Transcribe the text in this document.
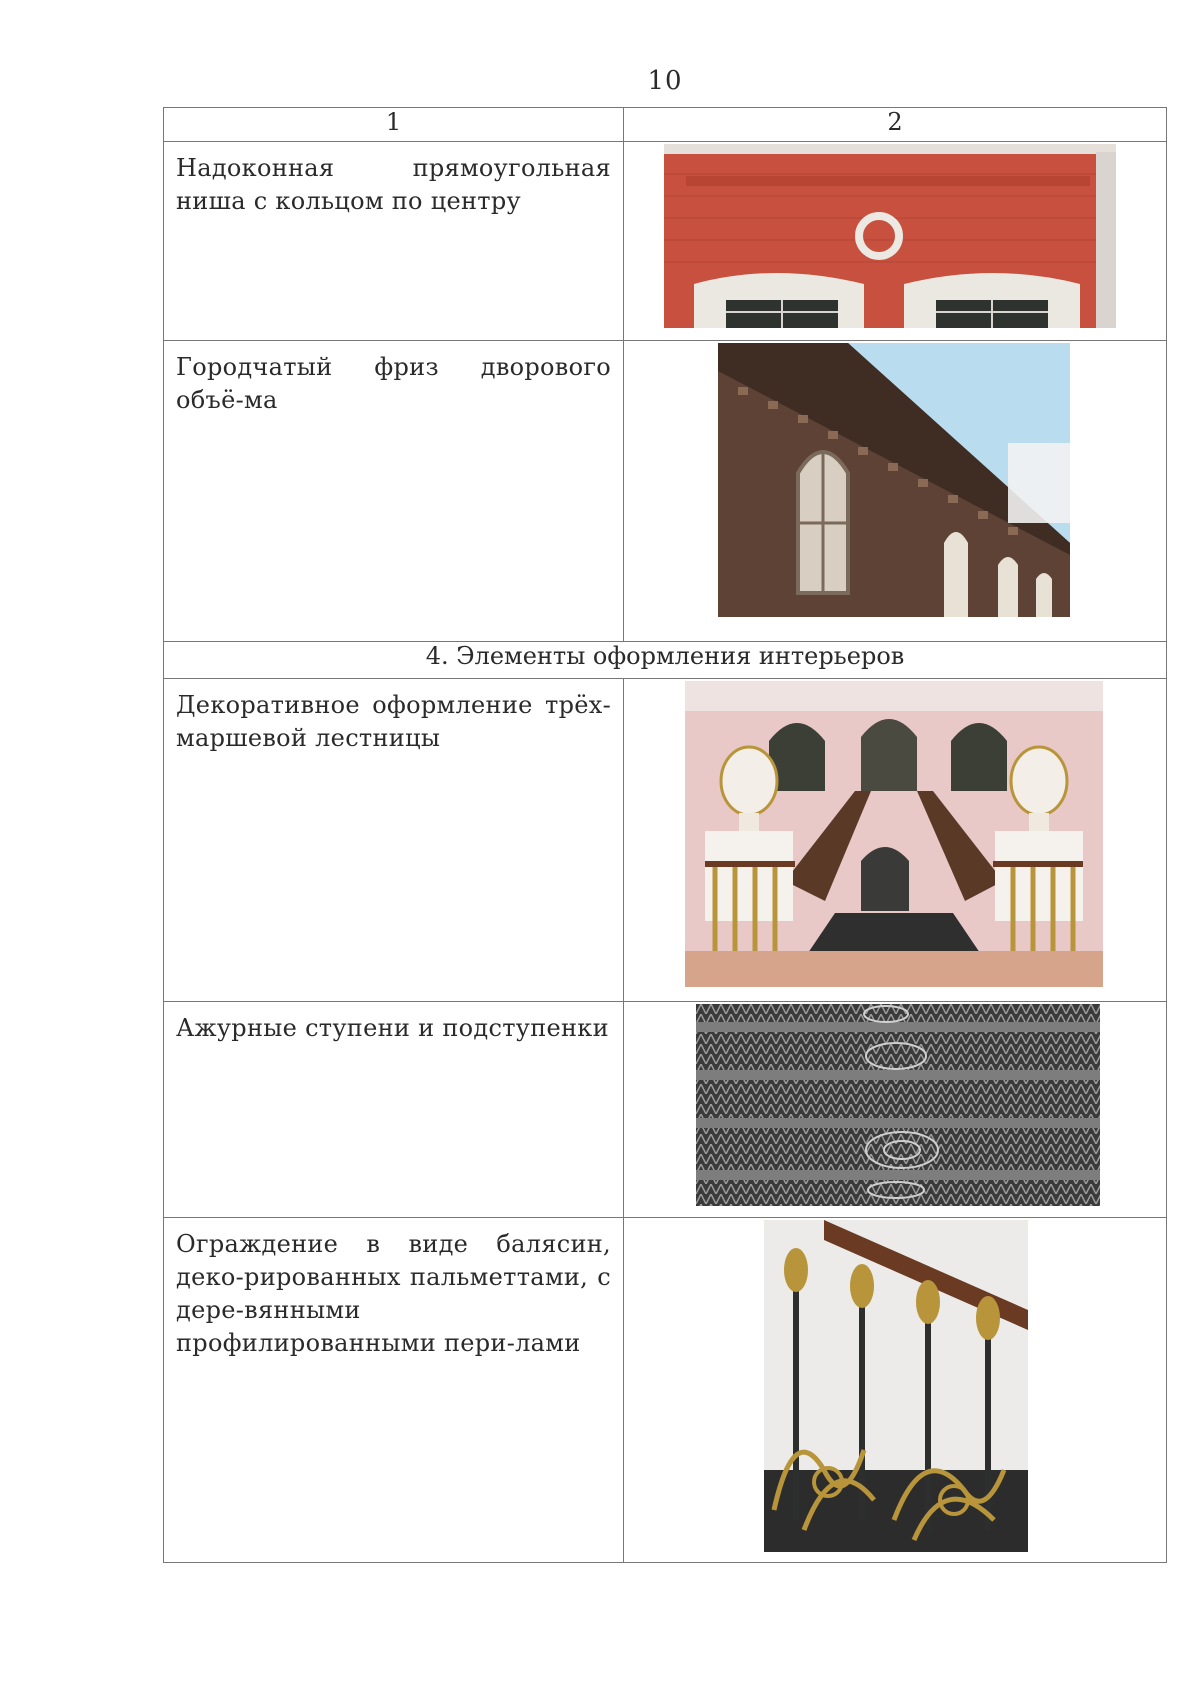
10
1	2
Надоконная прямоугольная ниша с кольцом по центру	

Городчатый фриз дворового объё-ма	

4. Элементы оформления интерьеров	
Декоративное оформление трёх-маршевой лестницы	

Ажурные ступени и подступенки	

Ограждение в виде балясин, деко-рированных пальметтами, с дере-вянными профилированными пери-лами	
